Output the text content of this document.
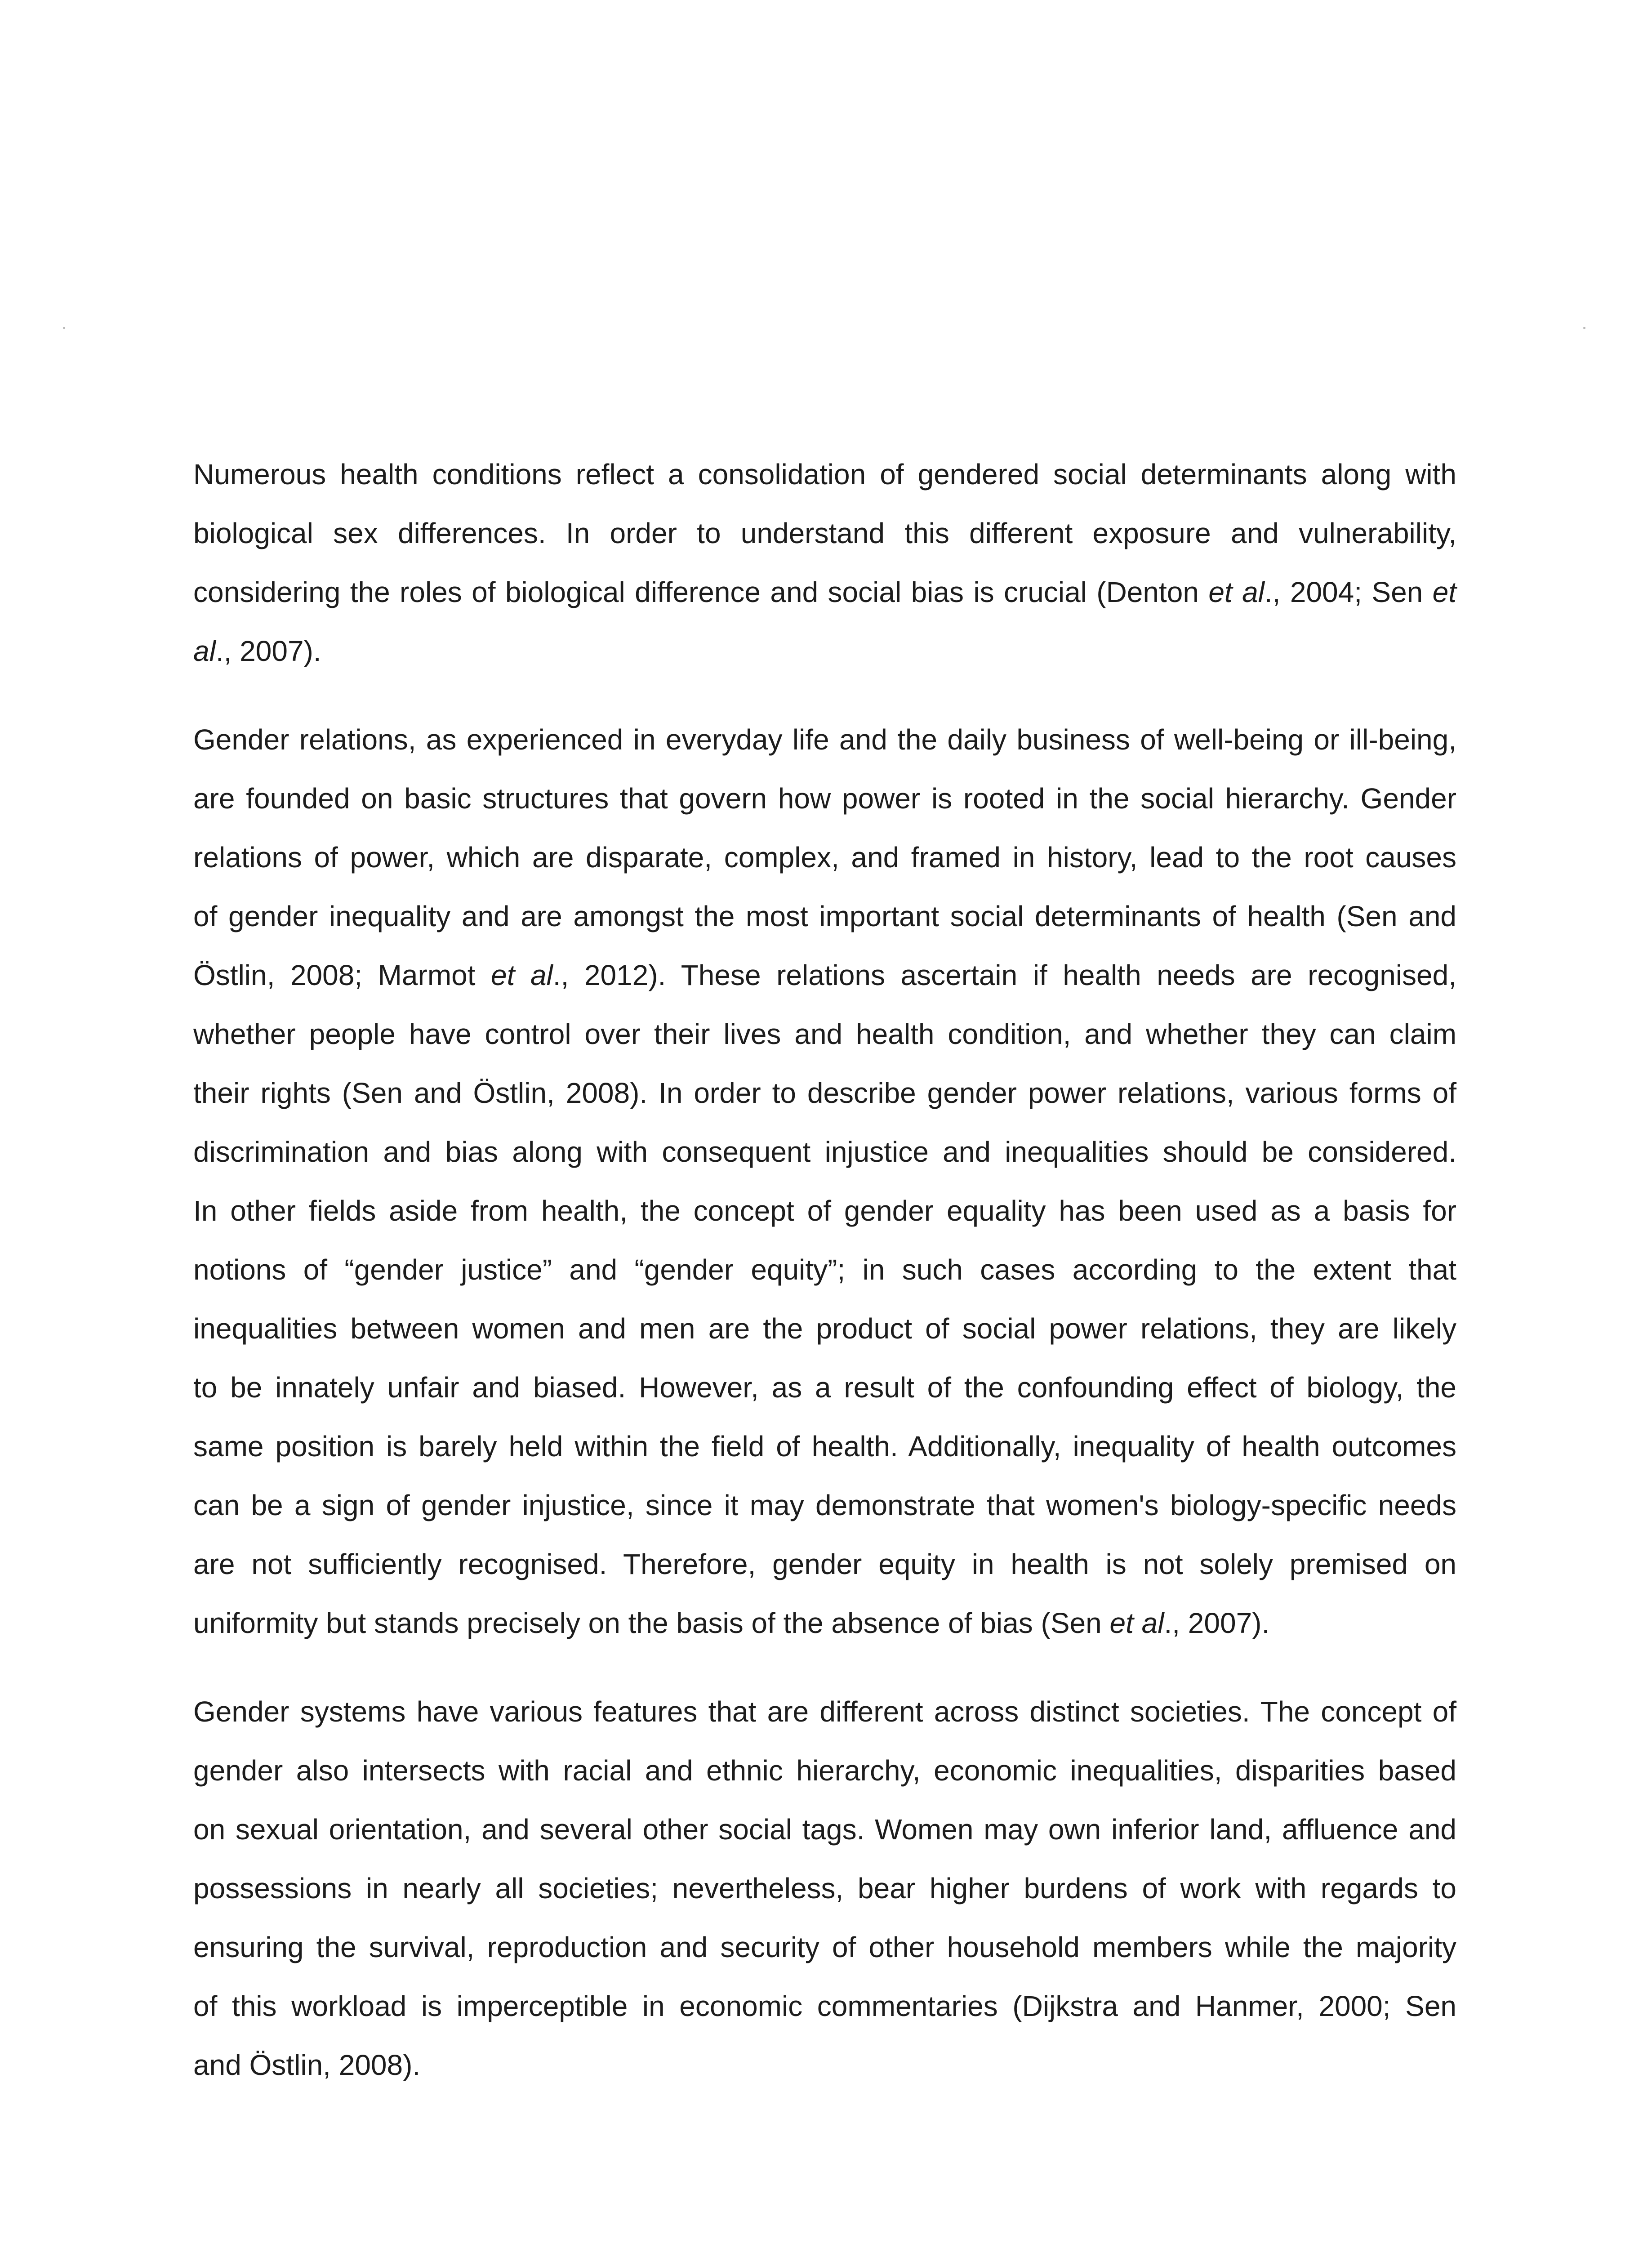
Numerous health conditions reflect a consolidation of gendered social determinants along with
biological sex differences. In order to understand this different exposure and vulnerability,
considering the roles of biological difference and social bias is crucial (Denton et al., 2004; Sen et
al., 2007).

Gender relations, as experienced in everyday life and the daily business of well-being or ill-being,
are founded on basic structures that govern how power is rooted in the social hierarchy. Gender
relations of power, which are disparate, complex, and framed in history, lead to the root causes
of gender inequality and are amongst the most important social determinants of health (Sen and
Östlin, 2008; Marmot et al., 2012). These relations ascertain if health needs are recognised,
whether people have control over their lives and health condition, and whether they can claim
their rights (Sen and Östlin, 2008). In order to describe gender power relations, various forms of
discrimination and bias along with consequent injustice and inequalities should be considered.
In other fields aside from health, the concept of gender equality has been used as a basis for
notions of “gender justice” and “gender equity”; in such cases according to the extent that
inequalities between women and men are the product of social power relations, they are likely
to be innately unfair and biased. However, as a result of the confounding effect of biology, the
same position is barely held within the field of health. Additionally, inequality of health outcomes
can be a sign of gender injustice, since it may demonstrate that women's biology-specific needs
are not sufficiently recognised. Therefore, gender equity in health is not solely premised on
uniformity but stands precisely on the basis of the absence of bias (Sen et al., 2007).

Gender systems have various features that are different across distinct societies. The concept of
gender also intersects with racial and ethnic hierarchy, economic inequalities, disparities based
on sexual orientation, and several other social tags. Women may own inferior land, affluence and
possessions in nearly all societies; nevertheless, bear higher burdens of work with regards to
ensuring the survival, reproduction and security of other household members while the majority
of this workload is imperceptible in economic commentaries (Dijkstra and Hanmer, 2000; Sen
and Östlin, 2008).
